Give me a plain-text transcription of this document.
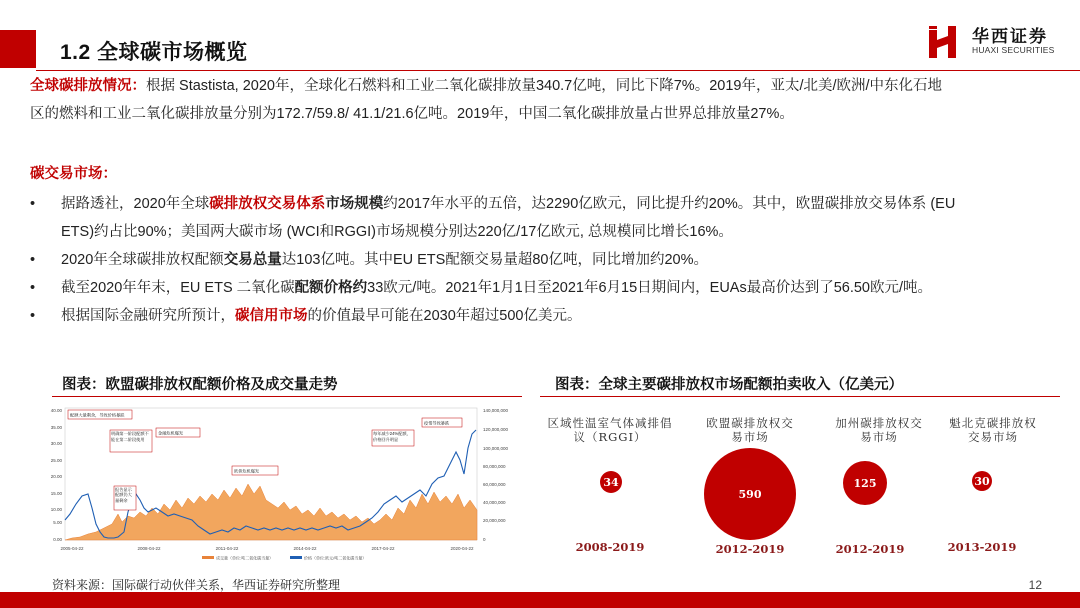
1.2 全球碳市场概览
华西证券
HUAXI SECURITIES
全球碳排放情况：根据 Stastista, 2020年，全球化石燃料和工业二氧化碳排放量340.7亿吨，同比下降7%。2019年，亚太/北美/欧洲/中东化石地
区的燃料和工业二氧化碳排放量分别为172.7/59.8/ 41.1/21.6亿吨。2019年，中国二氧化碳排放量占世界总排放量27%。
碳交易市场：
• 据路透社，2020年全球碳排放权交易体系市场规模约2017年水平的五倍，达2290亿欧元，同比提升约20%。其中，欧盟碳排放交易体系 (EU
ETS)约占比90%；美国两大碳市场 (WCI和RGGI)市场规模分别达220亿/17亿欧元, 总规模同比增长16%。
• 2020年全球碳排放权配额交易总量达103亿吨。其中EU ETS配额交易量超80亿吨，同比增加约20%。
• 截至2020年年末，EU ETS 二氧化碳配额价格约33欧元/吨。2021年1月1日至2021年6月15日期间内，EUAs最高价达到了56.50欧元/吨。
• 根据国际金融研究所预计，碳信用市场的价值最早可能在2030年超过500亿美元。
图表：欧盟碳排放权配额价格及成交量走势	图表：全球主要碳排放权市场配额拍卖收入（亿美元）
40.00
35.00
30.00
25.00
20.00
15.00
10.00
5.00
0.00
140,000,000
120,000,000
100,000,000
80,000,000
60,000,000
40,000,000
20,000,000
0
2005-04-22	2008-04-22	2011-04-22	2014-04-22	2017-04-22	2020-04-22
配额大量剩余，导致价格暴跌
明确第一阶段配额不能在第二阶段使用
金融危机爆发
报告显示配额仍大量剩余
欧债危机爆发
每年减少24%配额，价格回升明显
疫情导致暴跌
成交量（单位:吨二氧化碳当量）	价格（单位:欧元/吨二氧化碳当量）
区域性温室气体减排倡
议（RGGI）
欧盟碳排放权交
易市场
加州碳排放权交
易市场
魁北克碳排放权
交易市场
34
590
125	30
2008-2019	2012-2019	2012-2019	2013-2019
资料来源：国际碳行动伙伴关系，华西证券研究所整理	12
